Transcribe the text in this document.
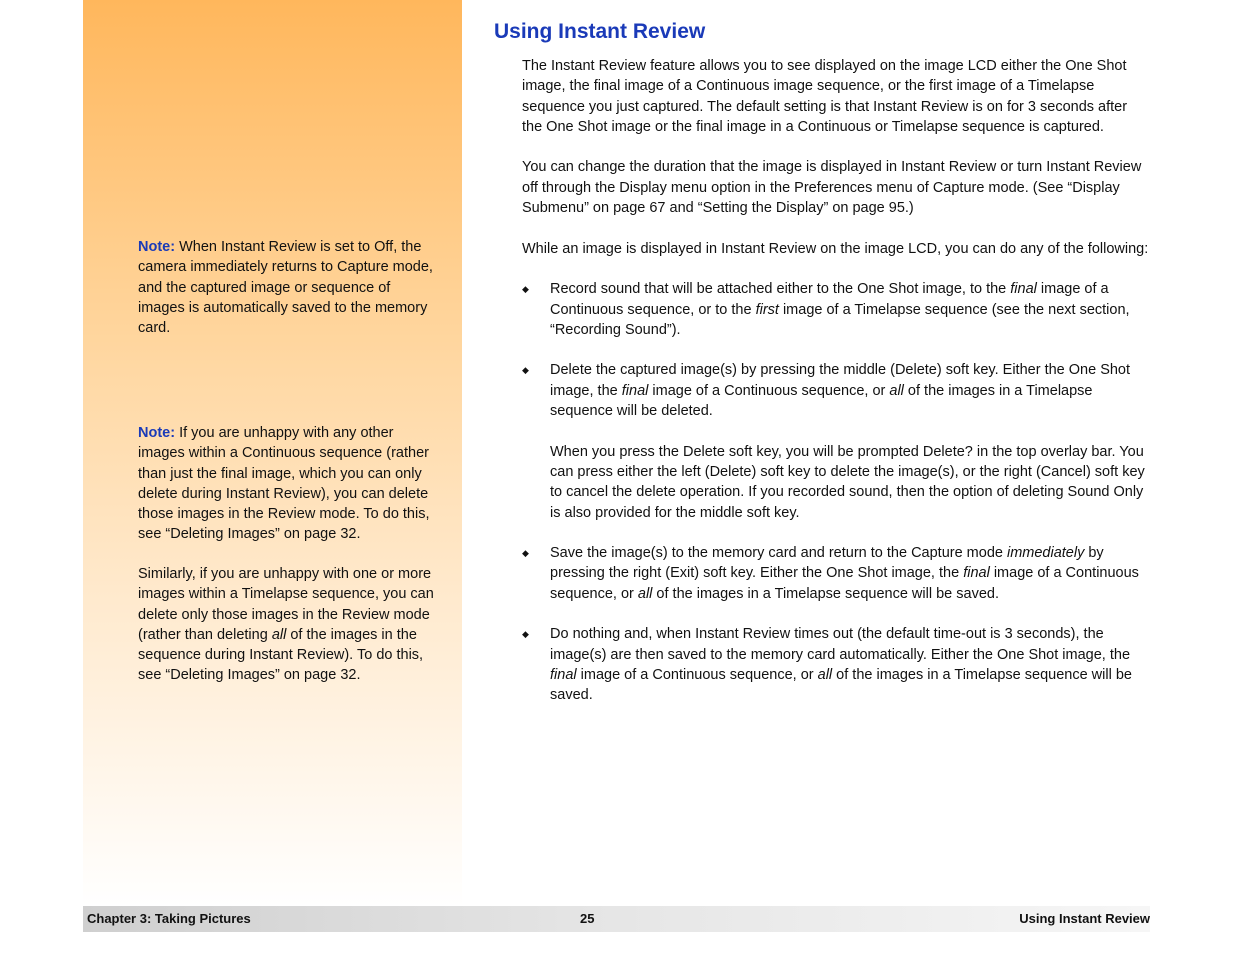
Note: When Instant Review is set to Off, the camera immediately returns to Capture mode, and the captured image or sequence of images is automatically saved to the memory card.

Note: If you are unhappy with any other images within a Continuous sequence (rather than just the final image, which you can only delete during Instant Review), you can delete those images in the Review mode. To do this, see “Deleting Images” on page 32.

Similarly, if you are unhappy with one or more images within a Timelapse sequence, you can delete only those images in the Review mode (rather than deleting all of the images in the sequence during Instant Review). To do this, see “Deleting Images” on page 32.

Using Instant Review

The Instant Review feature allows you to see displayed on the image LCD either the One Shot image, the final image of a Continuous image sequence, or the first image of a Timelapse sequence you just captured. The default setting is that Instant Review is on for 3 seconds after the One Shot image or the final image in a Continuous or Timelapse sequence is captured.

You can change the duration that the image is displayed in Instant Review or turn Instant Review off through the Display menu option in the Preferences menu of Capture mode. (See “Display Submenu” on page 67 and “Setting the Display” on page 95.)

While an image is displayed in Instant Review on the image LCD, you can do any of the following:

◆ Record sound that will be attached either to the One Shot image, to the final image of a Continuous sequence, or to the first image of a Timelapse sequence (see the next section, “Recording Sound”).
◆ Delete the captured image(s) by pressing the middle (Delete) soft key. Either the One Shot image, the final image of a Continuous sequence, or all of the images in a Timelapse sequence will be deleted.
When you press the Delete soft key, you will be prompted Delete? in the top overlay bar. You can press either the left (Delete) soft key to delete the image(s), or the right (Cancel) soft key to cancel the delete operation. If you recorded sound, then the option of deleting Sound Only is also provided for the middle soft key.
◆ Save the image(s) to the memory card and return to the Capture mode immediately by pressing the right (Exit) soft key. Either the One Shot image, the final image of a Continuous sequence, or all of the images in a Timelapse sequence will be saved.
◆ Do nothing and, when Instant Review times out (the default time-out is 3 seconds), the image(s) are then saved to the memory card automatically. Either the One Shot image, the final image of a Continuous sequence, or all of the images in a Timelapse sequence will be saved.
Chapter 3: Taking Pictures	25	Using Instant Review
